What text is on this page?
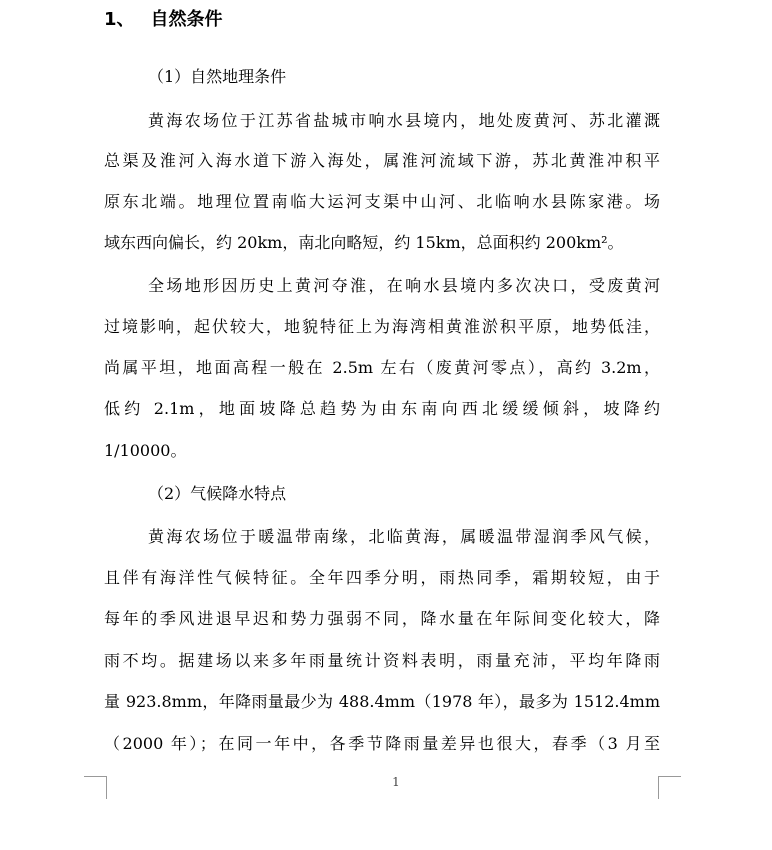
1、 自然条件

（1）自然地理条件

黄海农场位于江苏省盐城市响水县境内，地处废黄河、苏北灌溉
总渠及淮河入海水道下游入海处，属淮河流域下游，苏北黄淮冲积平
原东北端。地理位置南临大运河支渠中山河、北临响水县陈家港。场
域东西向偏长，约 20km，南北向略短，约 15km，总面积约 200km²。
全场地形因历史上黄河夺淮，在响水县境内多次决口，受废黄河
过境影响，起伏较大，地貌特征上为海湾相黄淮淤积平原，地势低洼，
尚属平坦，地面高程一般在 2.5m 左右（废黄河零点），高约 3.2m，
低约 2.1m，地面坡降总趋势为由东南向西北缓缓倾斜，坡降约
1/10000。

（2）气候降水特点

黄海农场位于暖温带南缘，北临黄海，属暖温带湿润季风气候，
且伴有海洋性气候特征。全年四季分明，雨热同季，霜期较短，由于
每年的季风进退早迟和势力强弱不同，降水量在年际间变化较大，降
雨不均。据建场以来多年雨量统计资料表明，雨量充沛，平均年降雨
量 923.8mm，年降雨量最少为 488.4mm（1978 年），最多为 1512.4mm
（2000 年）；在同一年中，各季节降雨量差异也很大，春季（3 月至
1
